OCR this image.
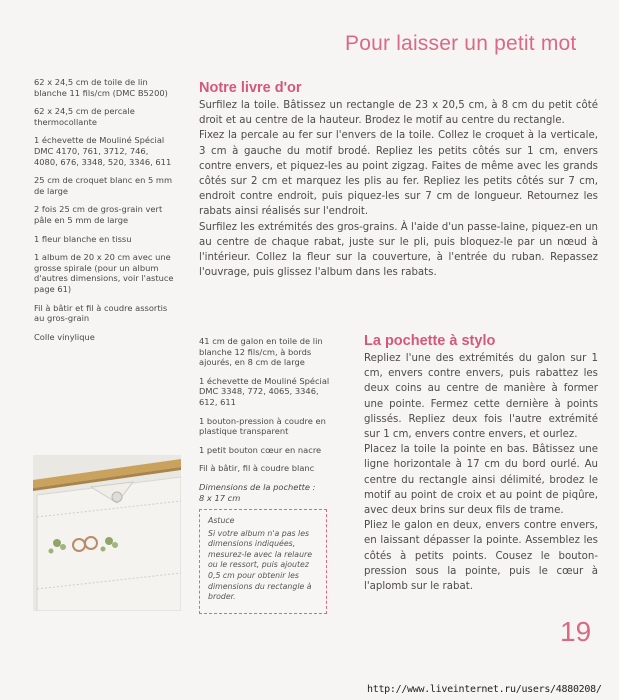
Pour laisser un petit mot

62 x 24,5 cm de toile de lin blanche 11 fils/cm (DMC B5200)

62 x 24,5 cm de percale thermocollante

1 échevette de Mouliné Spécial DMC 4170, 761, 3712, 746, 4080, 676, 3348, 520, 3346, 611

25 cm de croquet blanc en 5 mm de large

2 fois 25 cm de gros-grain vert pâle en 5 mm de large

1 fleur blanche en tissu

1 album de 20 x 20 cm avec une grosse spirale (pour un album d'autres dimensions, voir l'astuce page 61)

Fil à bâtir et fil à coudre assortis au gros-grain

Colle vinylique

Notre livre d'or

Surfilez la toile. Bâtissez un rectangle de 23 x 20,5 cm, à 8 cm du petit côté droit et au centre de la hauteur. Brodez le motif au centre du rectangle.

Fixez la percale au fer sur l'envers de la toile. Collez le croquet à la verticale, 3 cm à gauche du motif brodé. Repliez les petits côtés sur 1 cm, envers contre envers, et piquez-les au point zigzag. Faites de même avec les grands côtés sur 2 cm et marquez les plis au fer. Repliez les petits côtés sur 7 cm, endroit contre endroit, puis piquez-les sur 7 cm de longueur. Retournez les rabats ainsi réalisés sur l'endroit.

Surfilez les extrémités des gros-grains. À l'aide d'un passe-laine, piquez-en un au centre de chaque rabat, juste sur le pli, puis bloquez-le par un nœud à l'intérieur. Collez la fleur sur la couverture, à l'entrée du ruban. Repassez l'ouvrage, puis glissez l'album dans les rabats.

41 cm de galon en toile de lin blanche 12 fils/cm, à bords ajourés, en 8 cm de large

1 échevette de Mouliné Spécial DMC 3348, 772, 4065, 3346, 612, 611

1 bouton-pression à coudre en plastique transparent

1 petit bouton cœur en nacre

Fil à bâtir, fil à coudre blanc

Dimensions de la pochette :
8 x 17 cm

La pochette à stylo

Repliez l'une des extrémités du galon sur 1 cm, envers contre envers, puis rabattez les deux coins au centre de manière à former une pointe. Fermez cette dernière à points glissés. Repliez deux fois l'autre extrémité sur 1 cm, envers contre envers, et ourlez.

Placez la toile la pointe en bas. Bâtissez une ligne horizontale à 17 cm du bord ourlé. Au centre du rectangle ainsi délimité, brodez le motif au point de croix et au point de piqûre, avec deux brins sur deux fils de trame.

Pliez le galon en deux, envers contre envers, en laissant dépasser la pointe. Assemblez les côtés à petits points. Cousez le bouton-pression sous la pointe, puis le cœur à l'aplomb sur le rabat.

Astuce
Si votre album n'a pas les dimensions indiquées, mesurez-le avec la relaure ou le ressort, puis ajoutez 0,5 cm pour obtenir les dimensions du rectangle à broder.
19
http://www.liveinternet.ru/users/4880208/
